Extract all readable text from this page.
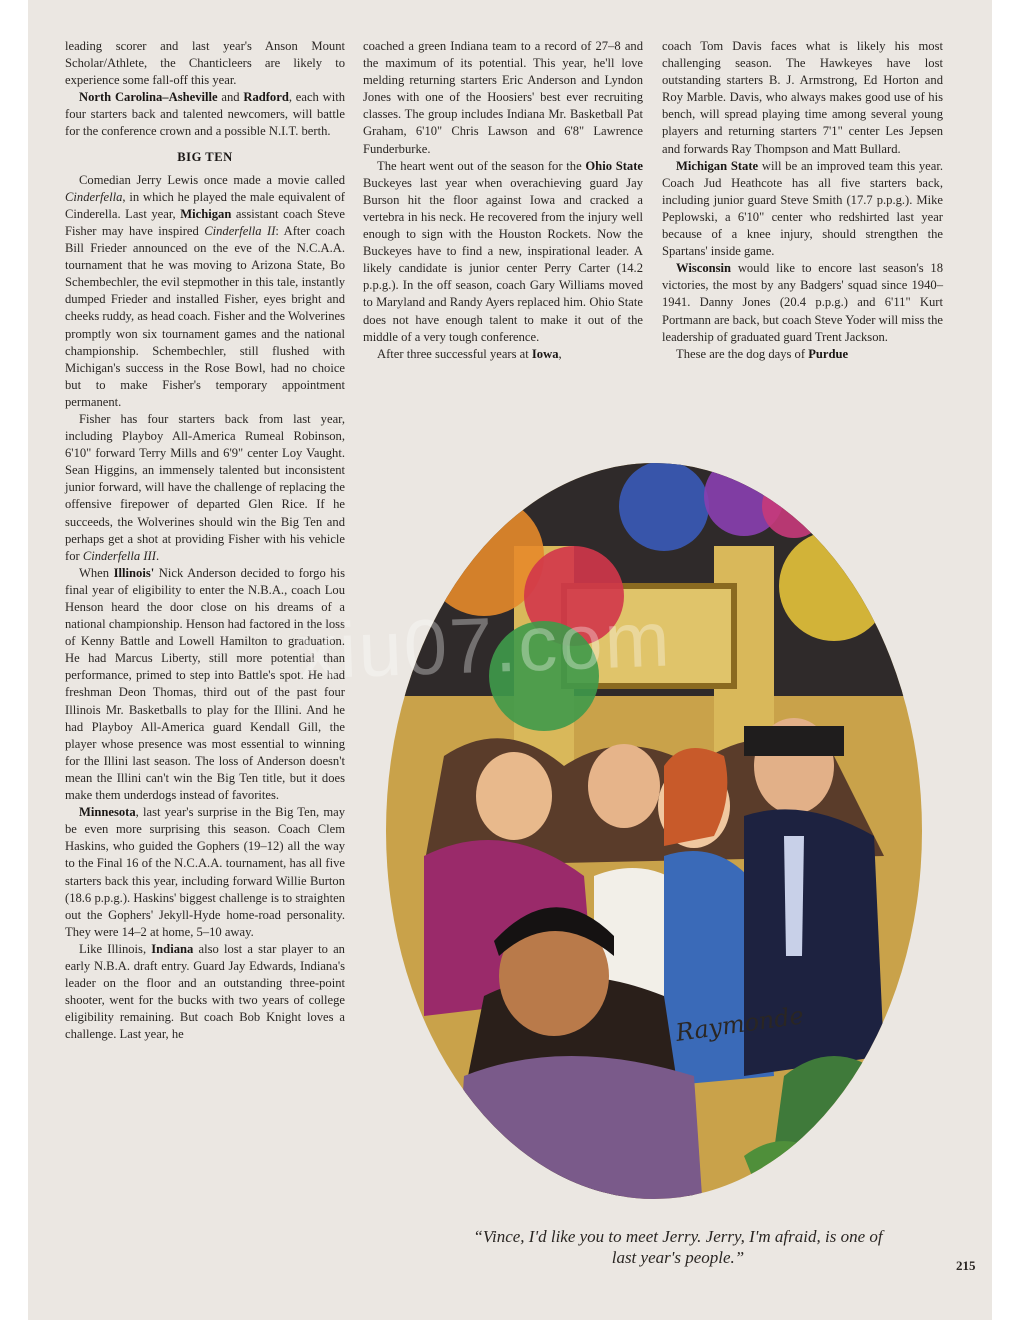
leading scorer and last year's Anson Mount Scholar/Athlete, the Chanticleers are likely to experience some fall-off this year.

North Carolina–Asheville and Radford, each with four starters back and talented newcomers, will battle for the conference crown and a possible N.I.T. berth.

BIG TEN

Comedian Jerry Lewis once made a movie called Cinderfella, in which he played the male equivalent of Cinderella. Last year, Michigan assistant coach Steve Fisher may have inspired Cinderfella II: After coach Bill Frieder announced on the eve of the N.C.A.A. tournament that he was moving to Arizona State, Bo Schembechler, the evil stepmother in this tale, instantly dumped Frieder and installed Fisher, eyes bright and cheeks ruddy, as head coach. Fisher and the Wolverines promptly won six tournament games and the national championship. Schembechler, still flushed with Michigan's success in the Rose Bowl, had no choice but to make Fisher's temporary appointment permanent.

Fisher has four starters back from last year, including Playboy All-America Rumeal Robinson, 6'10" forward Terry Mills and 6'9" center Loy Vaught. Sean Higgins, an immensely talented but inconsistent junior forward, will have the challenge of replacing the offensive firepower of departed Glen Rice. If he succeeds, the Wolverines should win the Big Ten and perhaps get a shot at providing Fisher with his vehicle for Cinderfella III.

When Illinois' Nick Anderson decided to forgo his final year of eligibility to enter the N.B.A., coach Lou Henson heard the door close on his dreams of a national championship. Henson had factored in the loss of Kenny Battle and Lowell Hamilton to graduation. He had Marcus Liberty, still more potential than performance, primed to step into Battle's spot. He had freshman Deon Thomas, third out of the past four Illinois Mr. Basketballs to play for the Illini. And he had Playboy All-America guard Kendall Gill, the player whose presence was most essential to winning for the Illini last season. The loss of Anderson doesn't mean the Illini can't win the Big Ten title, but it does make them underdogs instead of favorites.

Minnesota, last year's surprise in the Big Ten, may be even more surprising this season. Coach Clem Haskins, who guided the Gophers (19–12) all the way to the Final 16 of the N.C.A.A. tournament, has all five starters back this year, including forward Willie Burton (18.6 p.p.g.). Haskins' biggest challenge is to straighten out the Gophers' Jekyll-Hyde home-road personality. They were 14–2 at home, 5–10 away.

Like Illinois, Indiana also lost a star player to an early N.B.A. draft entry. Guard Jay Edwards, Indiana's leader on the floor and an outstanding three-point shooter, went for the bucks with two years of college eligibility remaining. But coach Bob Knight loves a challenge. Last year, he

coached a green Indiana team to a record of 27–8 and the maximum of its potential. This year, he'll love melding returning starters Eric Anderson and Lyndon Jones with one of the Hoosiers' best ever recruiting classes. The group includes Indiana Mr. Basketball Pat Graham, 6'10" Chris Lawson and 6'8" Lawrence Funderburke.

The heart went out of the season for the Ohio State Buckeyes last year when overachieving guard Jay Burson hit the floor against Iowa and cracked a vertebra in his neck. He recovered from the injury well enough to sign with the Houston Rockets. Now the Buckeyes have to find a new, inspirational leader. A likely candidate is junior center Perry Carter (14.2 p.p.g.). In the off season, coach Gary Williams moved to Maryland and Randy Ayers replaced him. Ohio State does not have enough talent to make it out of the middle of a very tough conference.

After three successful years at Iowa,

coach Tom Davis faces what is likely his most challenging season. The Hawkeyes have lost outstanding starters B. J. Armstrong, Ed Horton and Roy Marble. Davis, who always makes good use of his bench, will spread playing time among several young players and returning starters 7'1" center Les Jepsen and forwards Ray Thompson and Matt Bullard.

Michigan State will be an improved team this year. Coach Jud Heathcote has all five starters back, including junior guard Steve Smith (17.7 p.p.g.). Mike Peplowski, a 6'10" center who redshirted last year because of a knee injury, should strengthen the Spartans' inside game.

Wisconsin would like to encore last season's 18 victories, the most by any Badgers' squad since 1940–1941. Danny Jones (20.4 p.p.g.) and 6'11" Kurt Portmann are back, but coach Steve Yoder will miss the leadership of graduated guard Trent Jackson.

These are the dog days of Purdue

Raymonde
xiu07.com
“Vince, I'd like you to meet Jerry. Jerry, I'm afraid, is one of last year's people.”	215
